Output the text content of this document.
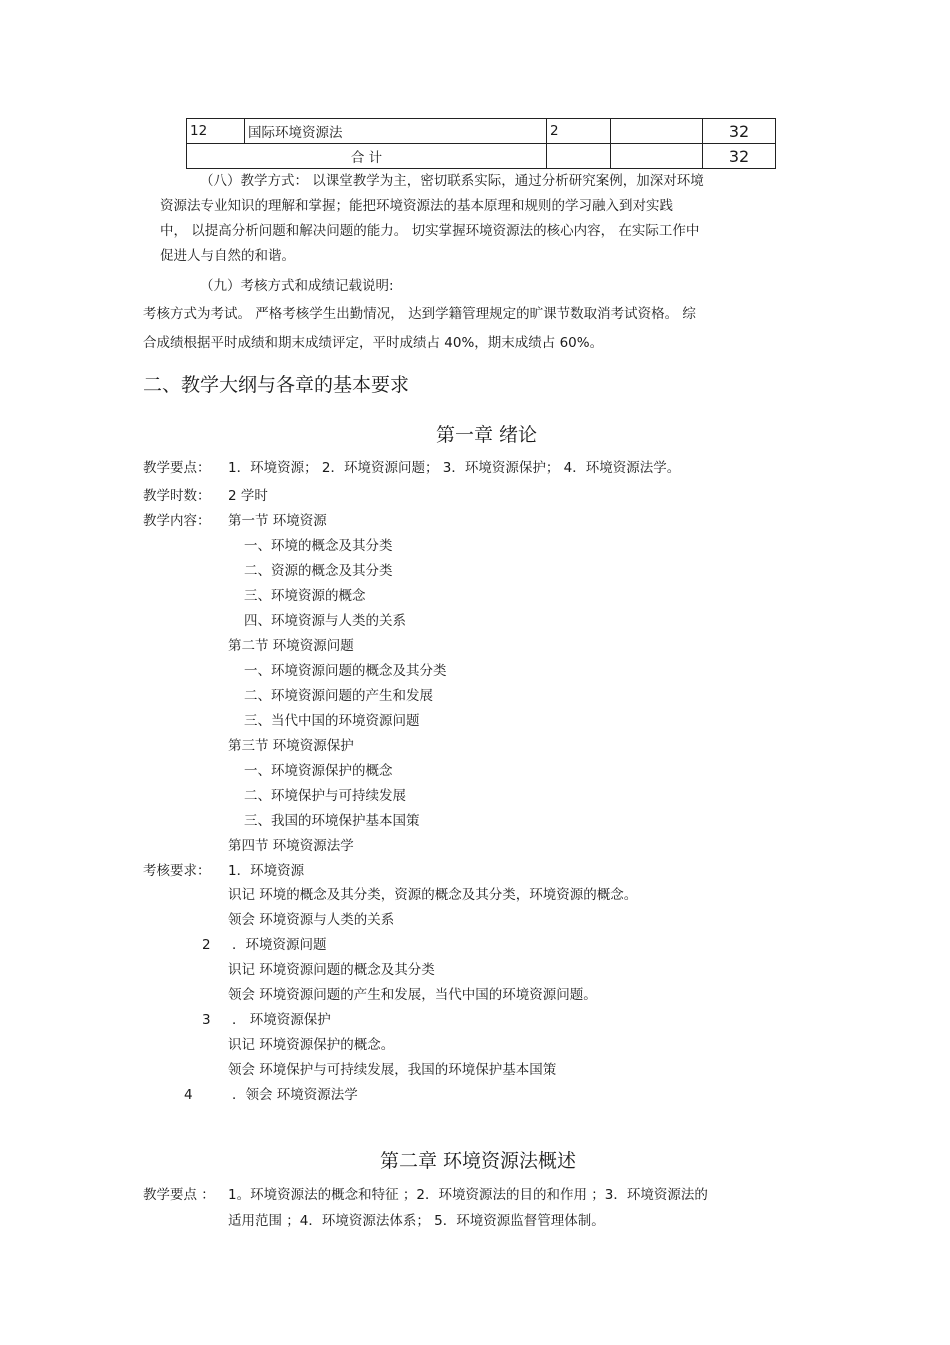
12	国际环境资源法	2		32
合 计				32
（八）教学方式： 以课堂教学为主，密切联系实际，通过分析研究案例，加深对环境
资源法专业知识的理解和掌握；能把环境资源法的基本原理和规则的学习融入到对实践
中， 以提高分析问题和解决问题的能力。 切实掌握环境资源法的核心内容， 在实际工作中
促进人与自然的和谐。
（九）考核方式和成绩记载说明:
考核方式为考试。 严格考核学生出勤情况， 达到学籍管理规定的旷课节数取消考试资格。 综
合成绩根据平时成绩和期末成绩评定，平时成绩占 40%，期末成绩占 60%。
二、教学大纲与各章的基本要求
第一章 绪论
教学要点： 1．环境资源； 2．环境资源问题； 3．环境资源保护； 4．环境资源法学。
教学时数： 2 学时
教学内容： 第一节 环境资源
一、环境的概念及其分类
二、资源的概念及其分类
三、环境资源的概念
四、环境资源与人类的关系
第二节 环境资源问题
一、环境资源问题的概念及其分类
二、环境资源问题的产生和发展
三、当代中国的环境资源问题
第三节 环境资源保护
一、环境资源保护的概念
二、环境保护与可持续发展
三、我国的环境保护基本国策
第四节 环境资源法学
考核要求： 1．环境资源
识记 环境的概念及其分类，资源的概念及其分类，环境资源的概念。
领会 环境资源与人类的关系
2 ．环境资源问题
识记 环境资源问题的概念及其分类
领会 环境资源问题的产生和发展，当代中国的环境资源问题。
3 ． 环境资源保护
识记 环境资源保护的概念。
领会 环境保护与可持续发展，我国的环境保护基本国策
4	．领会 环境资源法学
第二章 环境资源法概述
教学要点 ： 1。环境资源法的概念和特征 ；2．环境资源法的目的和作用 ；3．环境资源法的
适用范围 ；4．环境资源法体系； 5．环境资源监督管理体制。
